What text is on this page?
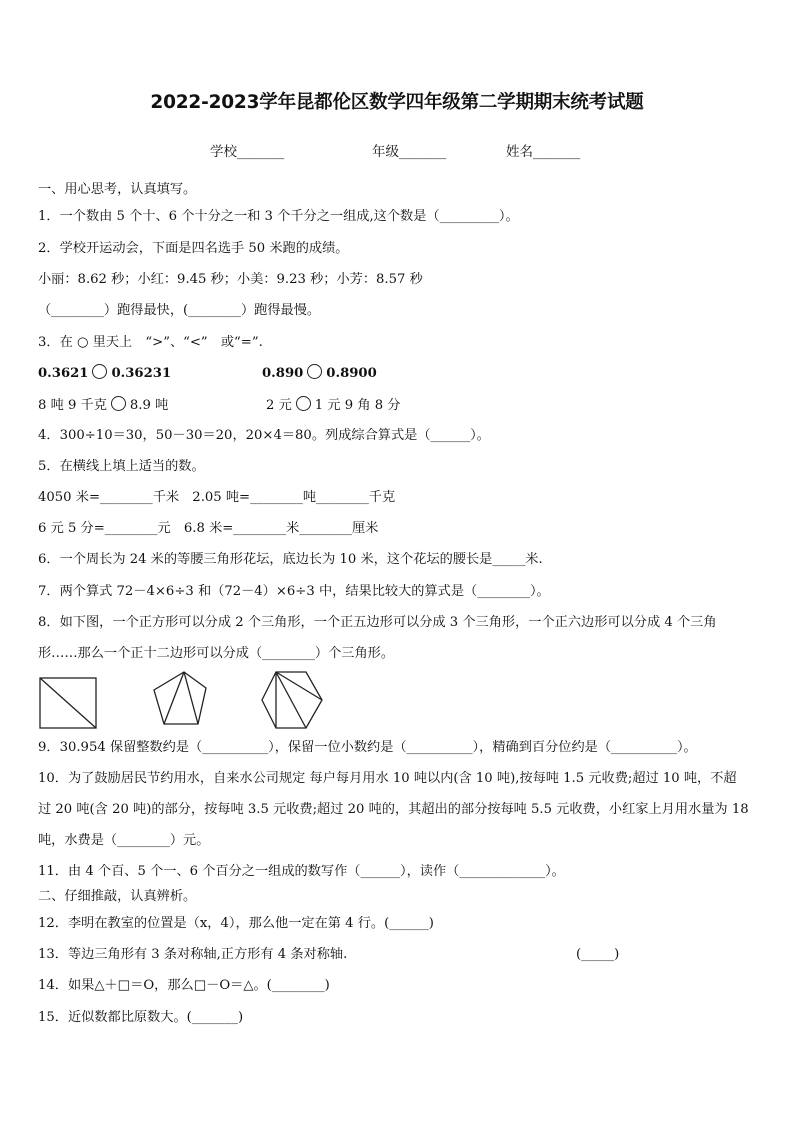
2022-2023学年昆都伦区数学四年级第二学期期末统考试题
学校_______	年级_______	姓名_______
一、用心思考，认真填写。
1．一个数由 5 个十、6 个十分之一和 3 个千分之一组成,这个数是（_________）。
2．学校开运动会，下面是四名选手 50 米跑的成绩。
小丽：8.62 秒；小红：9.45 秒；小美：9.23 秒；小芳：8.57 秒
（________）跑得最快，(________）跑得最慢。
3．在 ○ 里天上　“>”、“<”　或“=”.
0.3621 0.36231	0.890 0.8900
8 吨 9 千克 8.9 吨	2 元 1 元 9 角 8 分
4．300÷10＝30，50－30＝20，20×4＝80。列成综合算式是（______）。
5．在横线上填上适当的数。
4050 米=________千米　2.05 吨=________吨________千克
6 元 5 分=________元　6.8 米=________米________厘米
6．一个周长为 24 米的等腰三角形花坛，底边长为 10 米，这个花坛的腰长是_____米.
7．两个算式 72－4×6÷3 和（72－4）×6÷3 中，结果比较大的算式是（________）。
8．如下图，一个正方形可以分成 2 个三角形，一个正五边形可以分成 3 个三角形，一个正六边形可以分成 4 个三角
形……那么一个正十二边形可以分成（________）个三角形。
9．30.954 保留整数约是（__________），保留一位小数约是（__________），精确到百分位约是（__________）。
10．为了鼓励居民节约用水，自来水公司规定 每户每月用水 10 吨以内(含 10 吨),按每吨 1.5 元收费;超过 10 吨，不超
过 20 吨(含 20 吨)的部分，按每吨 3.5 元收费;超过 20 吨的，其超出的部分按每吨 5.5 元收费，小红家上月用水量为 18
吨，水费是（________）元。
11．由 4 个百、5 个一、6 个百分之一组成的数写作（______），读作（_____________）。
二、仔细推敲，认真辨析。
12．李明在教室的位置是（x，4），那么他一定在第 4 行。(______)
13．等边三角形有 3 条对称轴,正方形有 4 条对称轴.	(_____)
14．如果△＋□＝O，那么□－O＝△。(________)
15．近似数都比原数大。(_______)
